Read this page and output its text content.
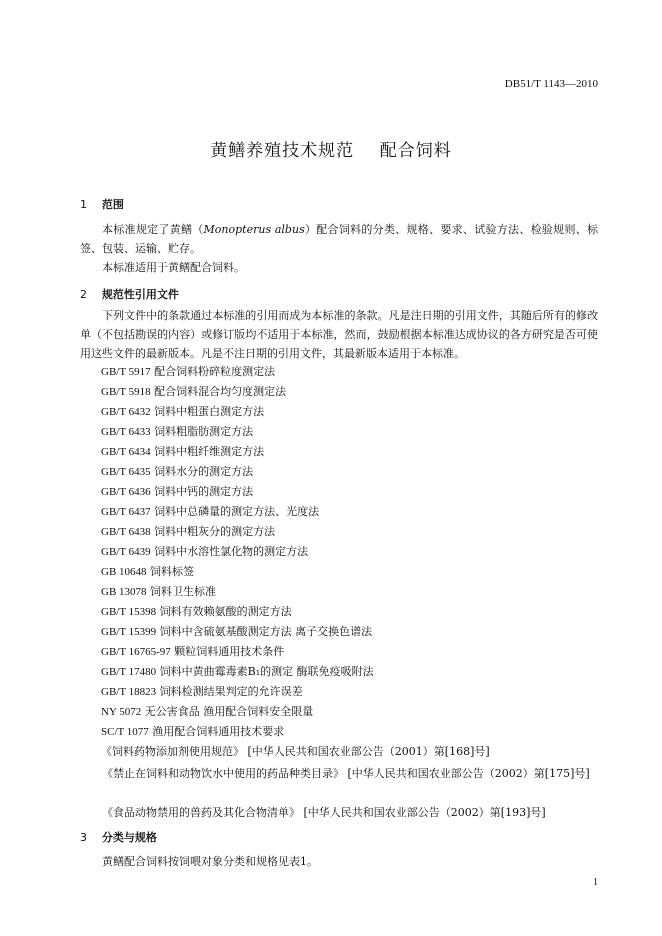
DB51/T 1143—2010
黄鳝养殖技术规范    配合饲料
1 范围

本标准规定了黄鳝（Monopterus albus）配合饲料的分类、规格、要求、试验方法、检验规则、标签、包装、运输、贮存。

本标准适用于黄鳝配合饲料。

2 规范性引用文件

下列文件中的条款通过本标准的引用而成为本标准的条款。凡是注日期的引用文件，其随后所有的修改单（不包括勘误的内容）或修订版均不适用于本标准，然而，鼓励根据本标准达成协议的各方研究是否可使用这些文件的最新版本。凡是不注日期的引用文件，其最新版本适用于本标准。

GB/T 5917 配合饲料粉碎粒度测定法
GB/T 5918 配合饲料混合均匀度测定法
GB/T 6432 饲料中粗蛋白测定方法
GB/T 6433 饲料粗脂肪测定方法
GB/T 6434 饲料中粗纤维测定方法
GB/T 6435 饲料水分的测定方法
GB/T 6436 饲料中钙的测定方法
GB/T 6437 饲料中总磷量的测定方法、光度法
GB/T 6438 饲料中粗灰分的测定方法
GB/T 6439 饲料中水溶性氯化物的测定方法
GB 10648 饲料标签
GB 13078 饲料卫生标准
GB/T 15398 饲料有效赖氨酸的测定方法
GB/T 15399 饲料中含硫氨基酸测定方法 离子交换色谱法
GB/T 16765-97 颗粒饲料通用技术条件
GB/T 17480 饲料中黄曲霉毒素B₁的测定 酶联免疫吸附法
GB/T 18823 饲料检测结果判定的允许误差
NY 5072 无公害食品 渔用配合饲料安全限量
SC/T 1077 渔用配合饲料通用技术要求
《饲料药物添加剂使用规范》 [中华人民共和国农业部公告（2001）第[168]号]

《禁止在饲料和动物饮水中使用的药品种类目录》 [中华人民共和国农业部公告（2002）第[175]号]

《食品动物禁用的兽药及其化合物清单》 [中华人民共和国农业部公告（2002）第[193]号]

3 分类与规格

黄鳝配合饲料按饲喂对象分类和规格见表1。

1
